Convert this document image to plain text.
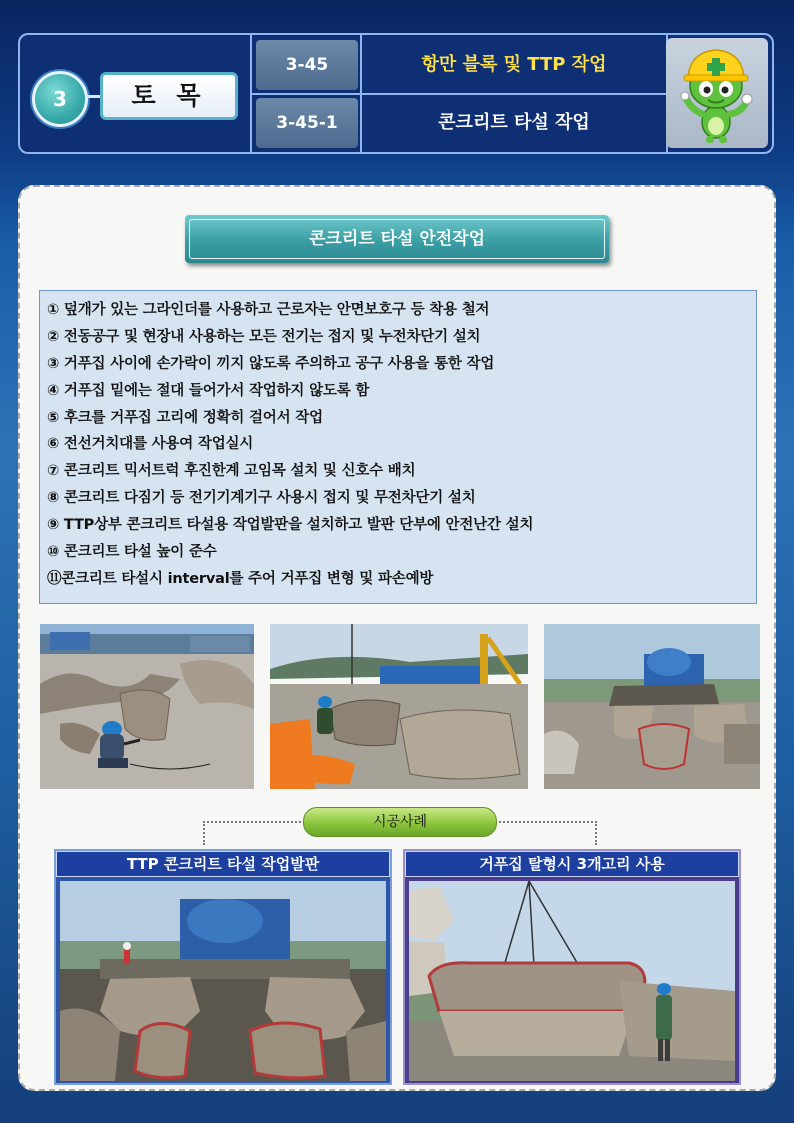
3	토 목
3-45
3-45-1
항만 블록 및 TTP 작업
콘크리트 타설 작업
콘크리트 타설 안전작업
① 덮개가 있는 그라인더를 사용하고 근로자는 안면보호구 등 착용 철저
② 전동공구 및 현장내 사용하는 모든 전기는 접지 및 누전차단기 설치
③ 거푸집 사이에 손가락이 끼지 않도록 주의하고 공구 사용을 통한 작업
④ 거푸집 밑에는 절대 들어가서 작업하지 않도록 함
⑤ 후크를 거푸집 고리에 정확히 걸어서 작업
⑥ 전선거치대를 사용여 작업실시
⑦ 콘크리트 믹서트럭 후진한계 고임목 설치 및 신호수 배치
⑧ 콘크리트 다짐기 등 전기기계기구 사용시 접지 및 무전차단기 설치
⑨ TTP상부 콘크리트 타설용 작업발판을 설치하고 발판 단부에 안전난간 설치
⑩ 콘크리트 타설 높이 준수
⑪콘크리트 타설시 interval를 주어 거푸집 변형 및 파손예방
시공사례
TTP 콘크리트 타설 작업발판	거푸집 탈형시 3개고리 사용
